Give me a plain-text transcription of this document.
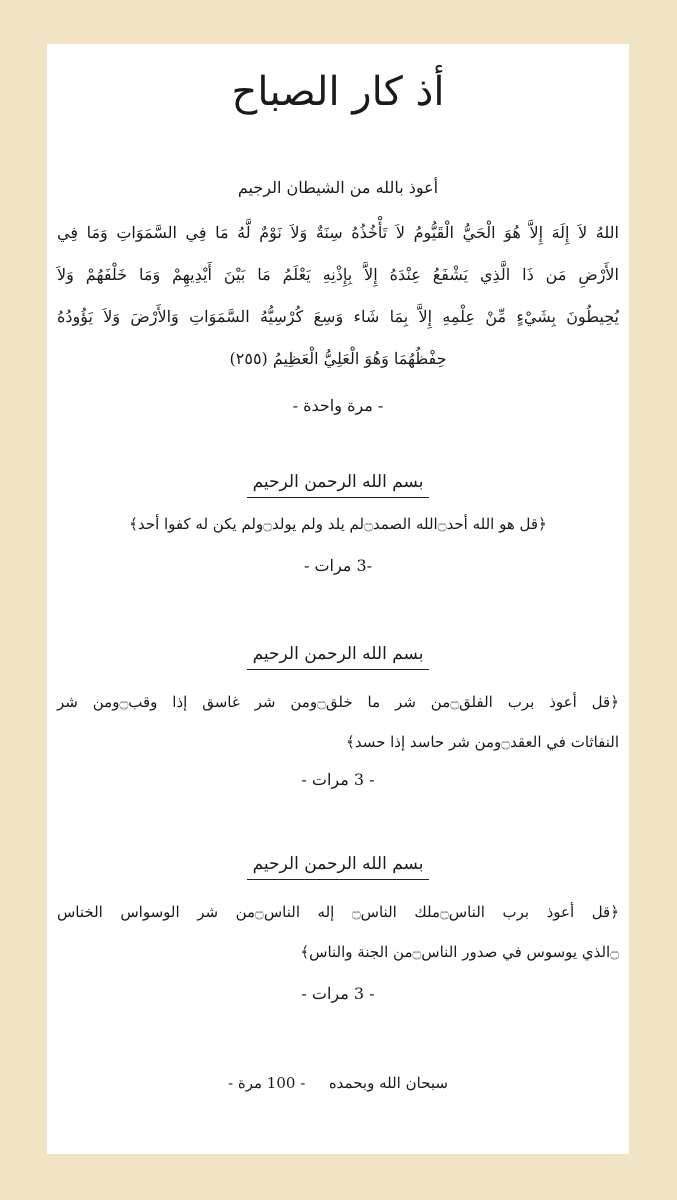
أذ كار الصباح
أعوذ بالله من الشيطان الرجيم
اللهُ لاَ إِلَهَ إِلاَّ هُوَ الْحَيُّ الْقَيُّومُ لاَ تَأْخُذُهُ سِنَةٌ وَلاَ نَوْمٌ لَّهُ مَا فِي السَّمَوَاتِ وَمَا فِي
الأَرْضِ مَن ذَا الَّذِي يَشْفَعُ عِنْدَهُ إِلاَّ بِإِذْنِهِ يَعْلَمُ مَا بَيْنَ أَيْدِيهِمْ وَمَا خَلْفَهُمْ وَلاَ
يُحِيطُونَ بِشَيْءٍ مِّنْ عِلْمِهِ إِلاَّ بِمَا شَاء وَسِعَ كُرْسِيُّهُ السَّمَوَاتِ وَالأَرْضَ وَلاَ يَؤُودُهُ
حِفْظُهُمَا وَهُوَ الْعَلِيُّ الْعَظِيمُ (٢٥٥)
- مرة واحدة -
بسم الله الرحمن الرحيم
﴿قل هو الله أحد۝الله الصمد۝لم يلد ولم يولد۝ولم يكن له كفوا أحد﴾
-3 مرات -
بسم الله الرحمن الرحيم
﴿قل أعوذ برب الفلق۝من شر ما خلق۝ومن شر غاسق إذا وقب۝ومن شر
النفاثات في العقد۝ومن شر حاسد إذا حسد﴾
- 3 مرات -
بسم الله الرحمن الرحيم
﴿قل أعوذ برب الناس۝ملك الناس۝ إله الناس۝من شر الوسواس الخناس
۝الذي يوسوس في صدور الناس۝من الجنة والناس﴾
- 3 مرات -
سبحان الله وبحمده  - 100 مرة -
